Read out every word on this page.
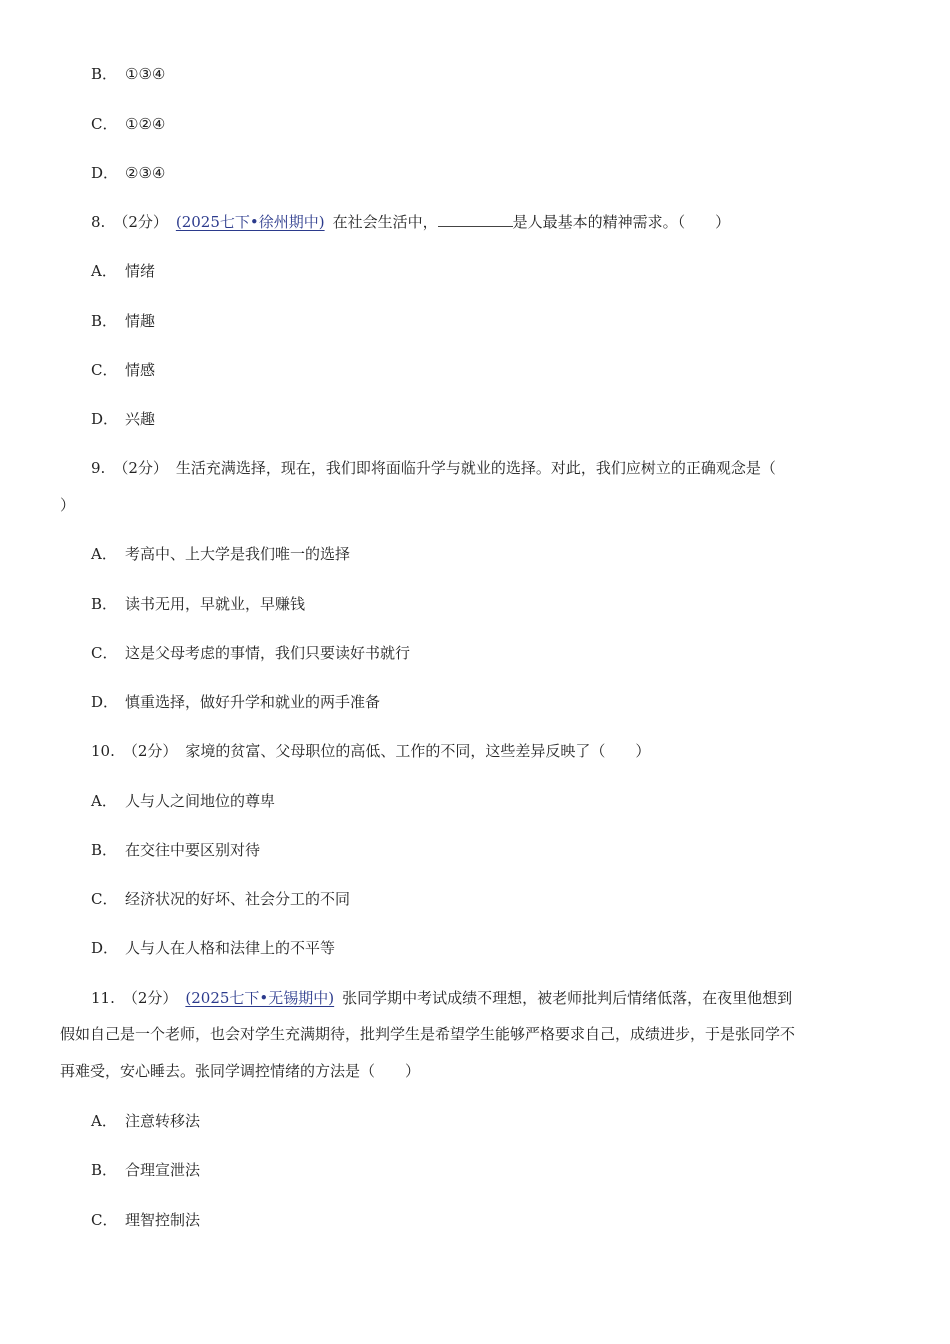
B． ①③④
C． ①②④
D． ②③④
8. （2分） (2025七下•徐州期中) 在社会生活中，	是人最基本的精神需求。（　　）
A． 情绪
B． 情趣
C． 情感
D． 兴趣
9. （2分） 生活充满选择，现在，我们即将面临升学与就业的选择。对此，我们应树立的正确观念是（
）
A． 考高中、上大学是我们唯一的选择
B． 读书无用，早就业，早赚钱
C． 这是父母考虑的事情，我们只要读好书就行
D． 慎重选择，做好升学和就业的两手准备
10. （2分） 家境的贫富、父母职位的高低、工作的不同，这些差异反映了（　　）
A． 人与人之间地位的尊卑
B． 在交往中要区别对待
C． 经济状况的好坏、社会分工的不同
D． 人与人在人格和法律上的不平等
11. （2分） (2025七下•无锡期中) 张同学期中考试成绩不理想，被老师批判后情绪低落，在夜里他想到
假如自己是一个老师，也会对学生充满期待，批判学生是希望学生能够严格要求自己，成绩进步，于是张同学不
再难受，安心睡去。张同学调控情绪的方法是（　　）
A． 注意转移法
B． 合理宣泄法
C． 理智控制法
